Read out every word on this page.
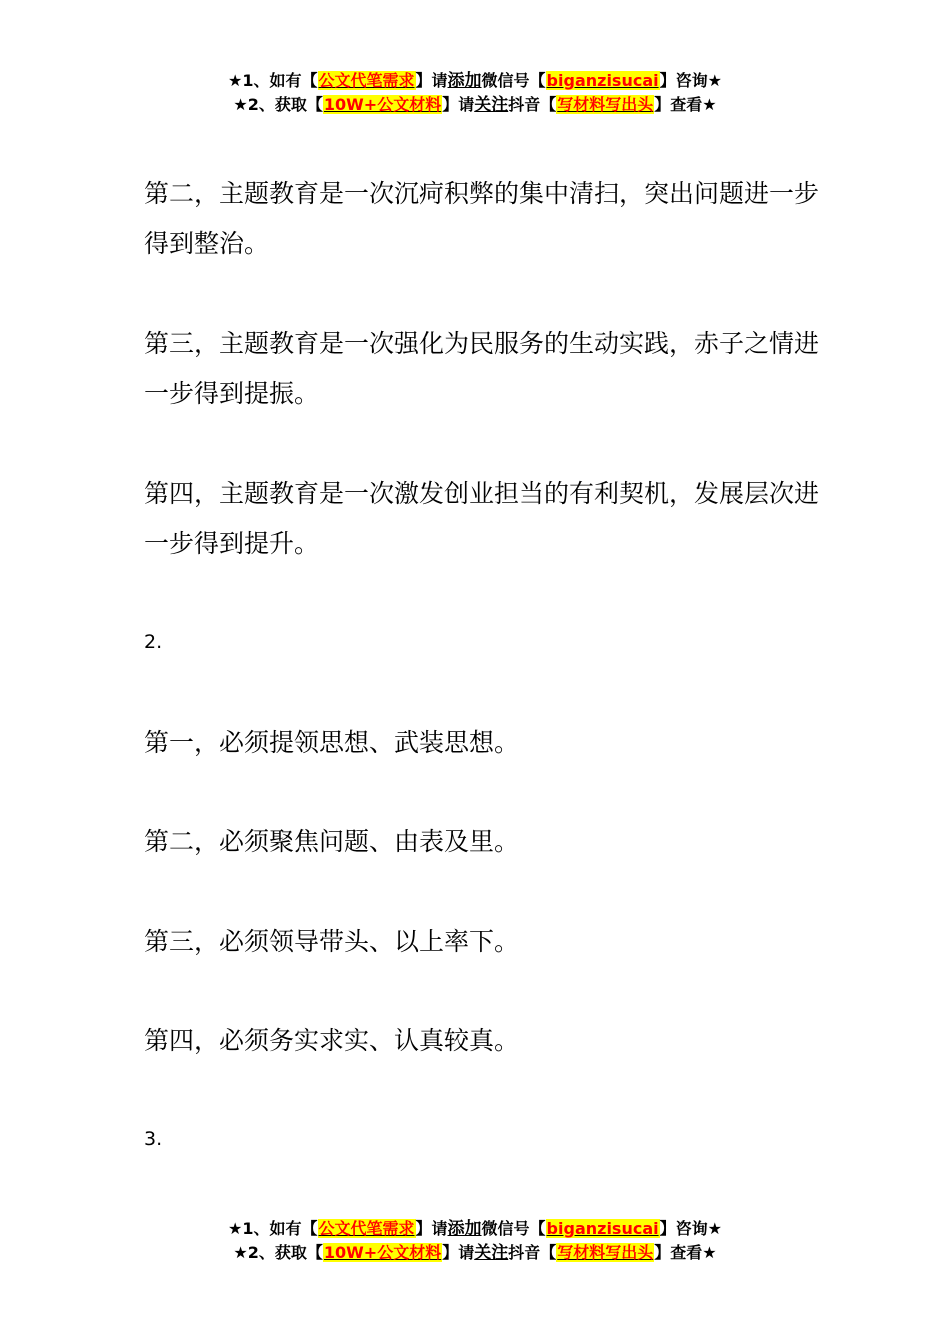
★1、如有【公文代笔需求】请添加微信号【biganzisucai】咨询★
★2、获取【10W+公文材料】请关注抖音【写材料写出头】查看★

第二，主题教育是一次沉疴积弊的集中清扫，突出问题进一步得到整治。

第三，主题教育是一次强化为民服务的生动实践，赤子之情进一步得到提振。

第四，主题教育是一次激发创业担当的有利契机，发展层次进一步得到提升。

2.

第一，必须提领思想、武装思想。

第二，必须聚焦问题、由表及里。

第三，必须领导带头、以上率下。

第四，必须务实求实、认真较真。

3.

★1、如有【公文代笔需求】请添加微信号【biganzisucai】咨询★
★2、获取【10W+公文材料】请关注抖音【写材料写出头】查看★
